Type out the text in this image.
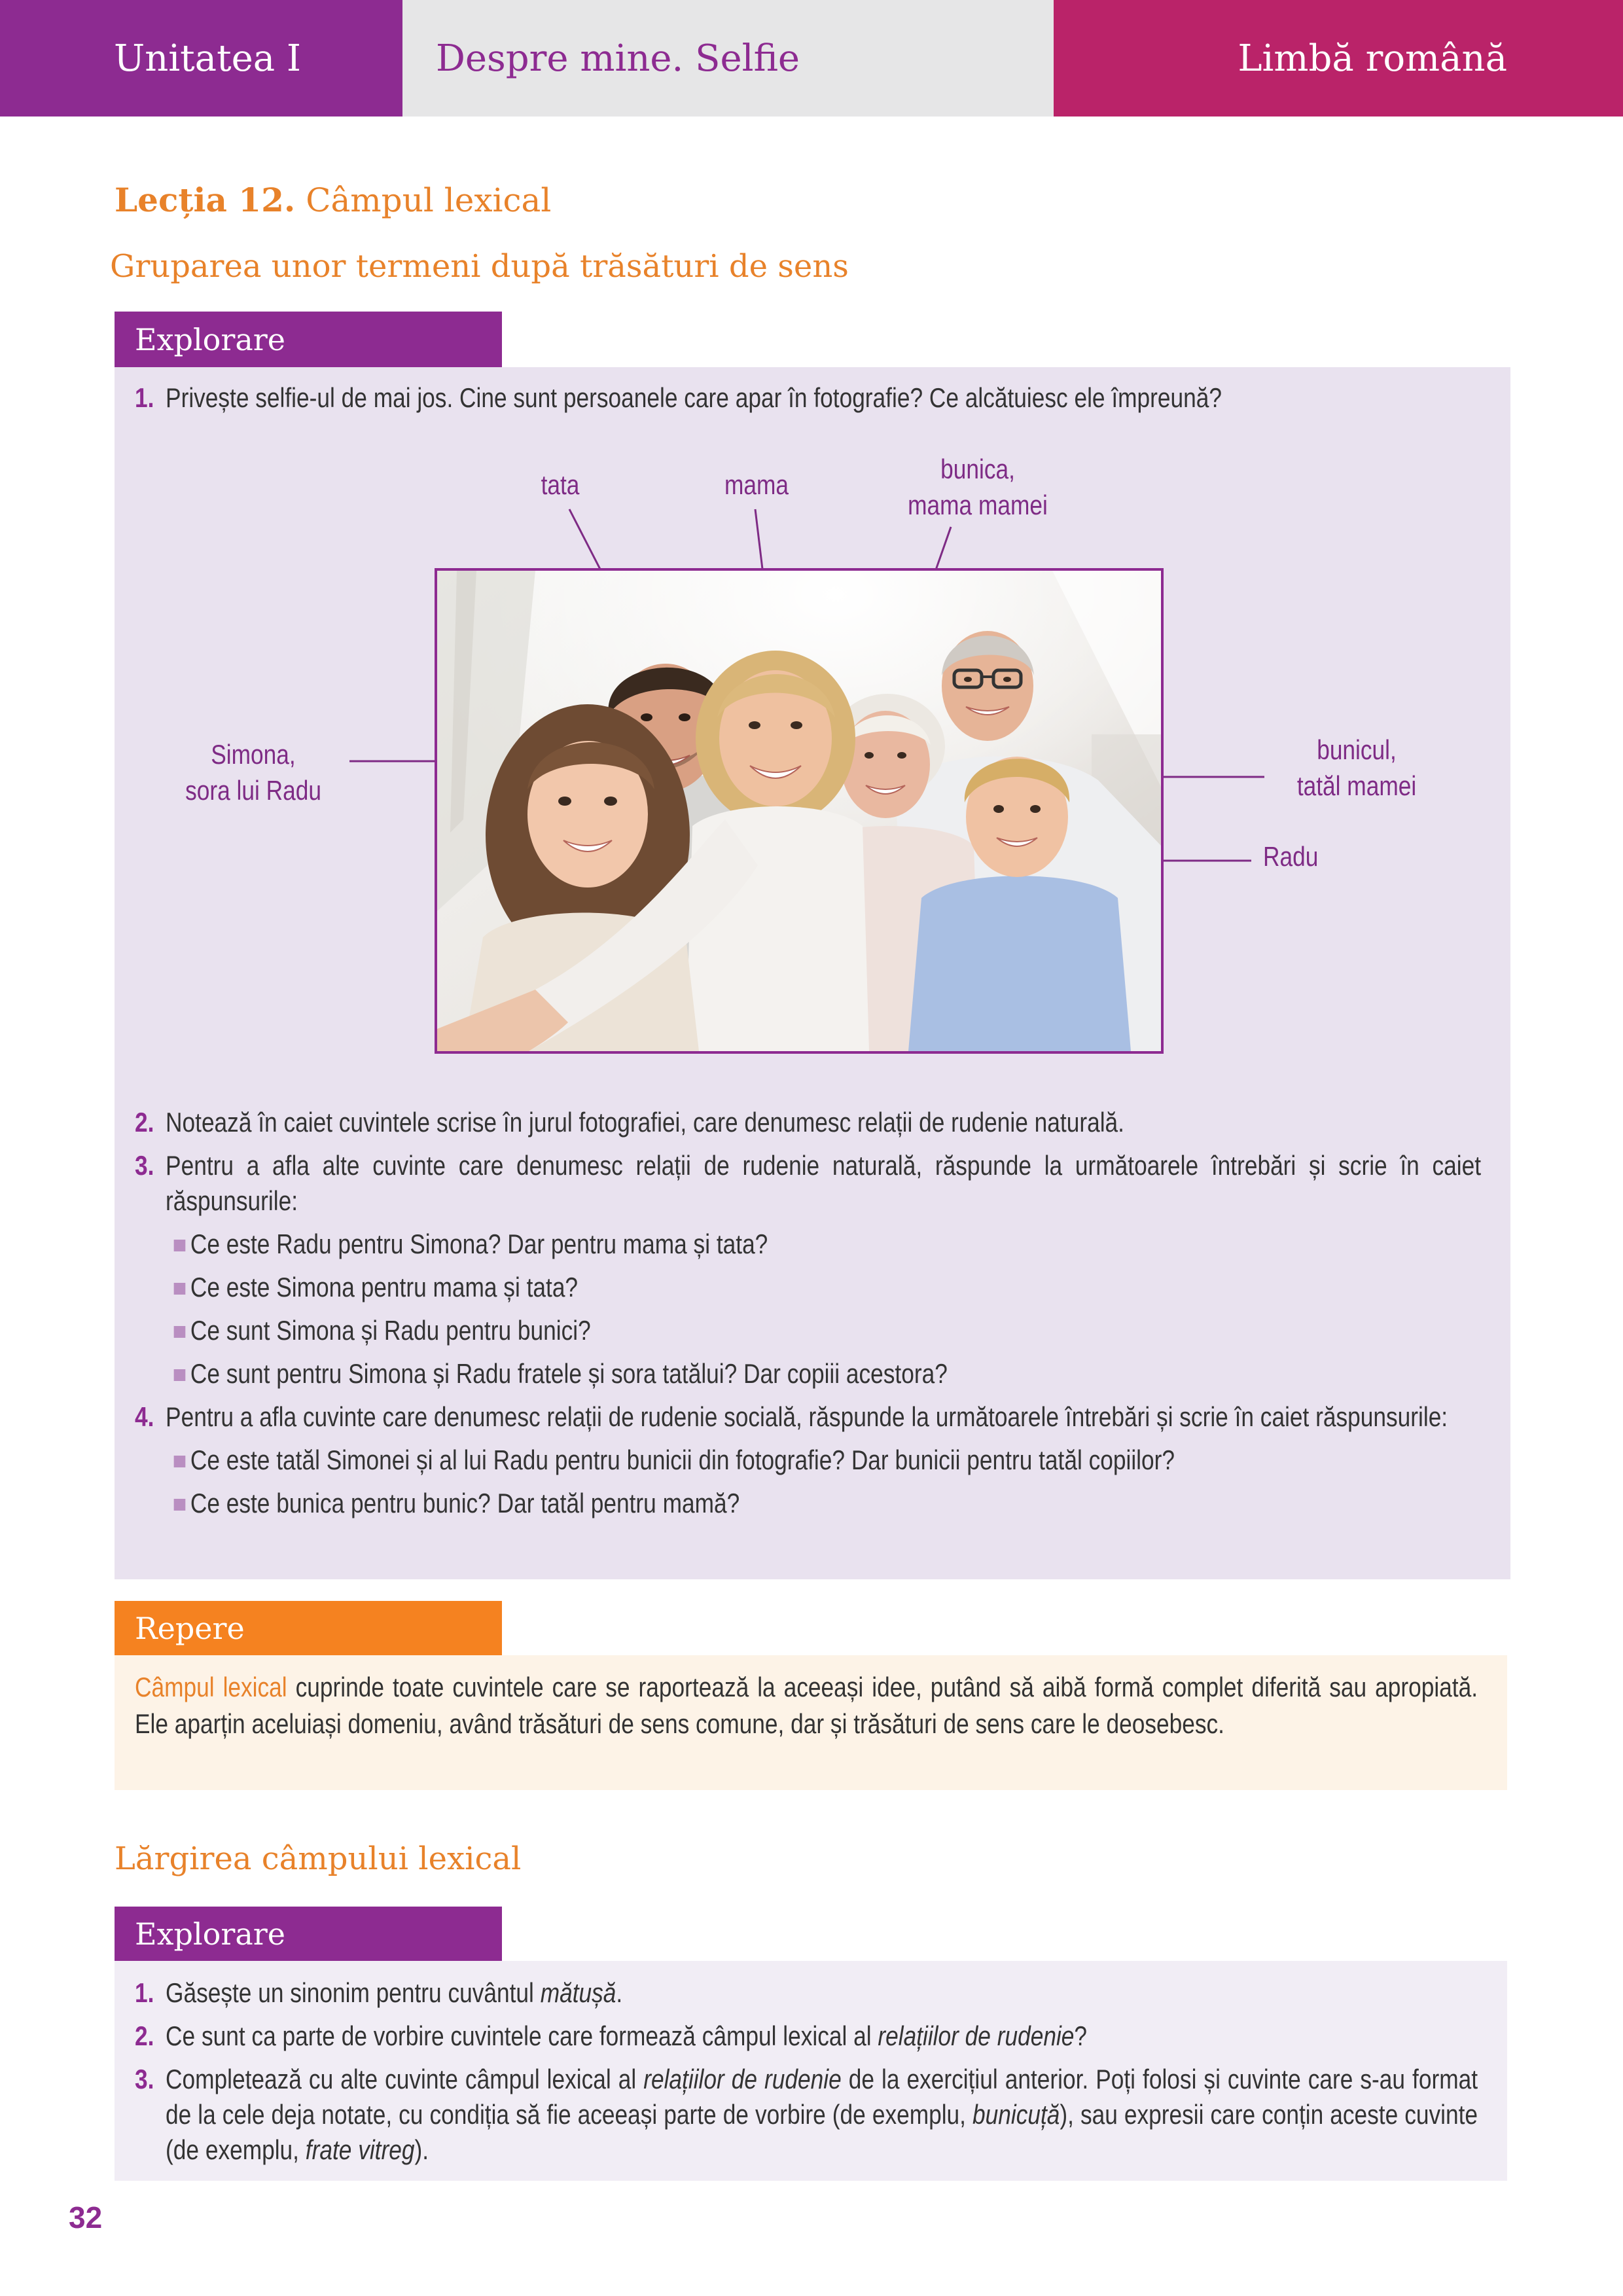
Unitatea I	Despre mine. Selfie	Limbă română
Lecția 12. Câmpul lexical
Gruparea unor termeni după trăsături de sens
Explorare
1. Privește selfie-ul de mai jos. Cine sunt persoanele care apar în fotografie? Ce alcătuiesc ele împreună?
tata	mama
bunica,
mama mamei
Simona,
sora lui Radu
bunicul,
tatăl mamei
Radu
2. Notează în caiet cuvintele scrise în jurul fotografiei, care denumesc relații de rudenie naturală.
3. Pentru a afla alte cuvinte care denumesc relații de rudenie naturală, răspunde la următoarele întrebări și scrie în caiet răspunsurile:
Ce este Radu pentru Simona? Dar pentru mama și tata?
Ce este Simona pentru mama și tata?
Ce sunt Simona și Radu pentru bunici?
Ce sunt pentru Simona și Radu fratele și sora tatălui? Dar copiii acestora?
4. Pentru a afla cuvinte care denumesc relații de rudenie socială, răspunde la următoarele întrebări și scrie în caiet răspunsurile:
Ce este tatăl Simonei și al lui Radu pentru bunicii din fotografie? Dar bunicii pentru tatăl copiilor?
Ce este bunica pentru bunic? Dar tatăl pentru mamă?
Repere
Câmpul lexical cuprinde toate cuvintele care se raportează la aceeași idee, putând să aibă formă complet diferită sau apropiată. Ele aparțin aceluiași domeniu, având trăsături de sens comune, dar și trăsături de sens care le deosebesc.
Lărgirea câmpului lexical
Explorare
1. Găsește un sinonim pentru cuvântul mătușă.
2. Ce sunt ca parte de vorbire cuvintele care formează câmpul lexical al relațiilor de rudenie?
3. Completează cu alte cuvinte câmpul lexical al relațiilor de rudenie de la exercițiul anterior. Poți folosi și cuvinte care s-au format de la cele deja notate, cu condiția să fie aceeași parte de vorbire (de exemplu, bunicuță), sau expresii care conțin aceste cuvinte (de exemplu, frate vitreg).
32
